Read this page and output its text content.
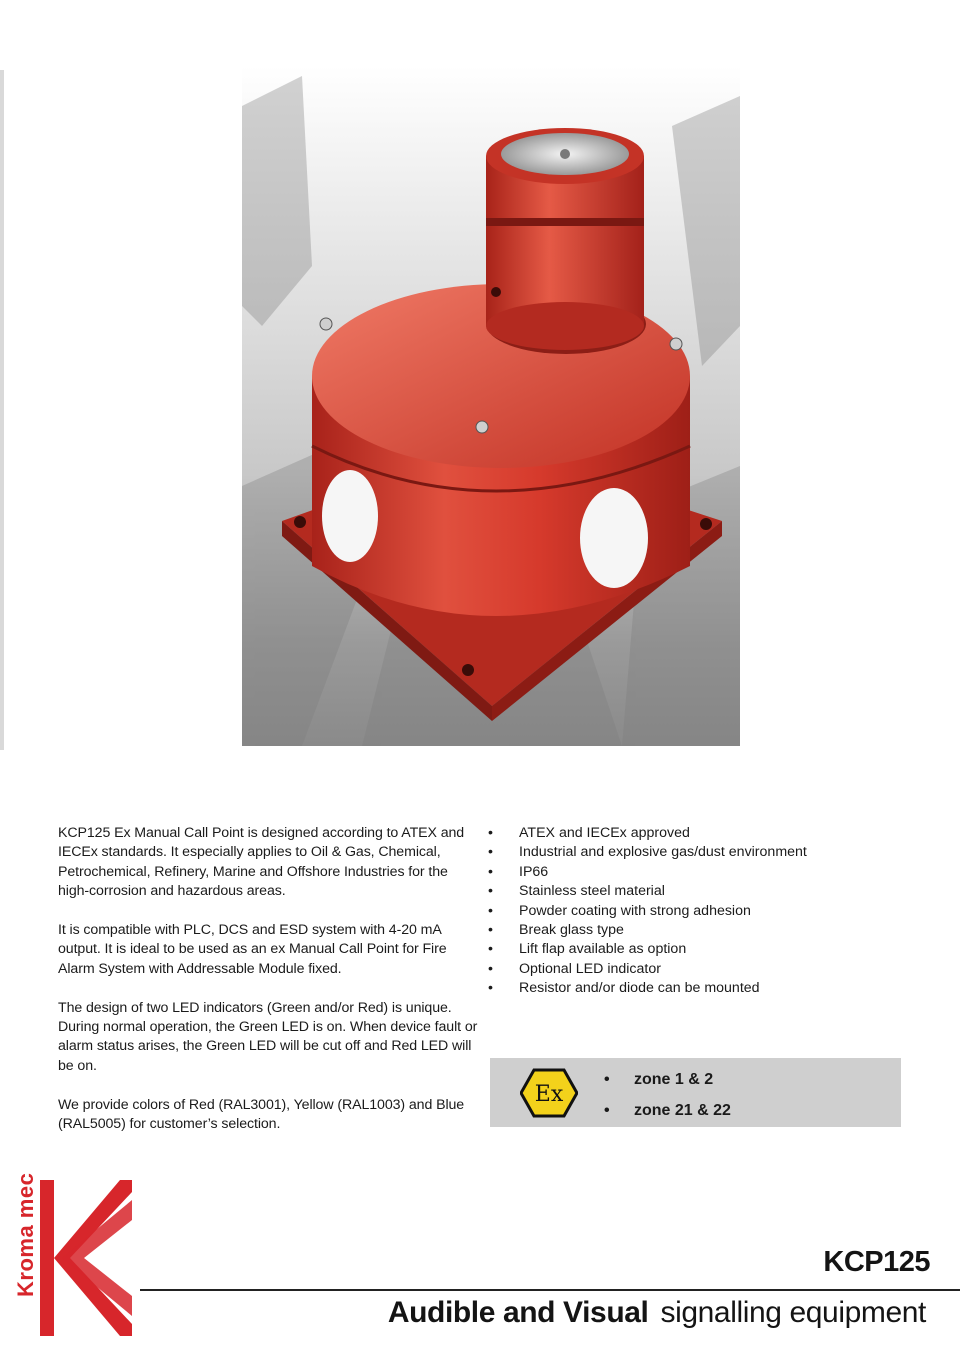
KCP125 Ex Manual Call Point is designed according to ATEX and IECEx standards. It especially applies to Oil & Gas, Chemical, Petrochemical, Refinery, Marine and Offshore Industries for the high-corrosion and hazardous areas.

It is compatible with PLC, DCS and ESD system with 4-20 mA output. It is ideal to be used as an ex Manual Call Point for Fire Alarm System with Addressable Module fixed.

The design of two LED indicators (Green and/or Red) is unique. During normal operation, the Green LED is on. When device fault or alarm status arises, the Green LED will be cut off and Red LED will be on.

We provide colors of Red (RAL3001), Yellow (RAL1003) and Blue (RAL5005) for customer’s selection.

• ATEX and IECEx approved
• Industrial and explosive gas/dust environment
• IP66
• Stainless steel material
• Powder coating with strong adhesion
• Break glass type
• Lift flap available as option
• Optional LED indicator
• Resistor and/or diode can be mounted
Ex
• zone 1 & 2
• zone 21 & 22
Kroma mec	KCP125
Audible and Visual signalling equipment
